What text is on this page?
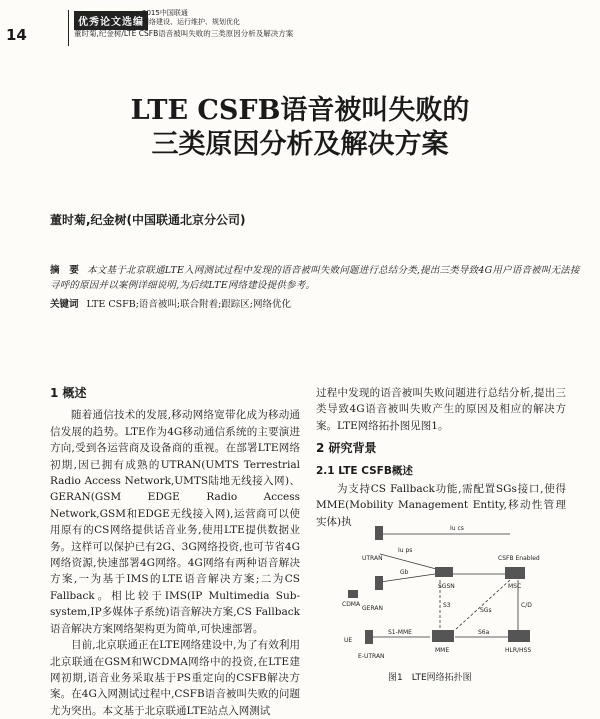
14
优秀论文选编
2015中国联通
网络建设、运行维护、规划优化
董时菊,纪金树/LTE CSFB语音被叫失败的三类原因分析及解决方案
LTE CSFB语音被叫失败的
三类原因分析及解决方案
董时菊,纪金树(中国联通北京分公司)
摘　要 本文基于北京联通LTE入网测试过程中发现的语音被叫失败问题进行总结分类,提出三类导致4G用户语音被叫无法接寻呼的原因并以案例详细说明,为后续LTE网络建设提供参考。
关键词 LTE CSFB;语音被叫;联合附着;跟踪区;网络优化
1 概述

随着通信技术的发展,移动网络宽带化成为移动通信发展的趋势。LTE作为4G移动通信系统的主要演进方向,受到各运营商及设备商的重视。在部署LTE网络初期,因已拥有成熟的UTRAN(UMTS Terrestrial Radio Access Network,UMTS陆地无线接入网)、GERAN(GSM EDGE Radio Access Network,GSM和EDGE无线接入网),运营商可以使用原有的CS网络提供话音业务,使用LTE提供数据业务。这样可以保护已有2G、3G网络投资,也可节省4G网络资源,快速部署4G网络。4G网络有两种语音解决方案,一为基于IMS的LTE语音解决方案;二为CS Fallback。相比较于IMS(IP Multimedia Sub-system,IP多媒体子系统)语音解决方案,CS Fallback语音解决方案网络架构更为简单,可快速部署。

目前,北京联通正在LTE网络建设中,为了有效利用北京联通在GSM和WCDMA网络中的投资,在LTE建网初期,语音业务采取基于PS重定向的CSFB解决方案。在4G入网测试过程中,CSFB语音被叫失败的问题尤为突出。本文基于北京联通LTE站点入网测试

过程中发现的语音被叫失败问题进行总结分析,提出三类导致4G语音被叫失败产生的原因及相应的解决方案。LTE网络拓扑图见图1。

2 研究背景
2.1 LTE CSFB概述

为支持CS Fallback功能,需配置SGs接口,使得MME(Mobility Management Entity,移动性管理实体)执

UTRAN
GERAN
E-UTRAN
CDMA
SGSN	MSC
MME	HLR/HSS
CSFB Enabled
Iu cs
Iu ps
Gb
S3
SGs
C/D
S6a
S1-MME
UE
图1　LTE网络拓扑图
